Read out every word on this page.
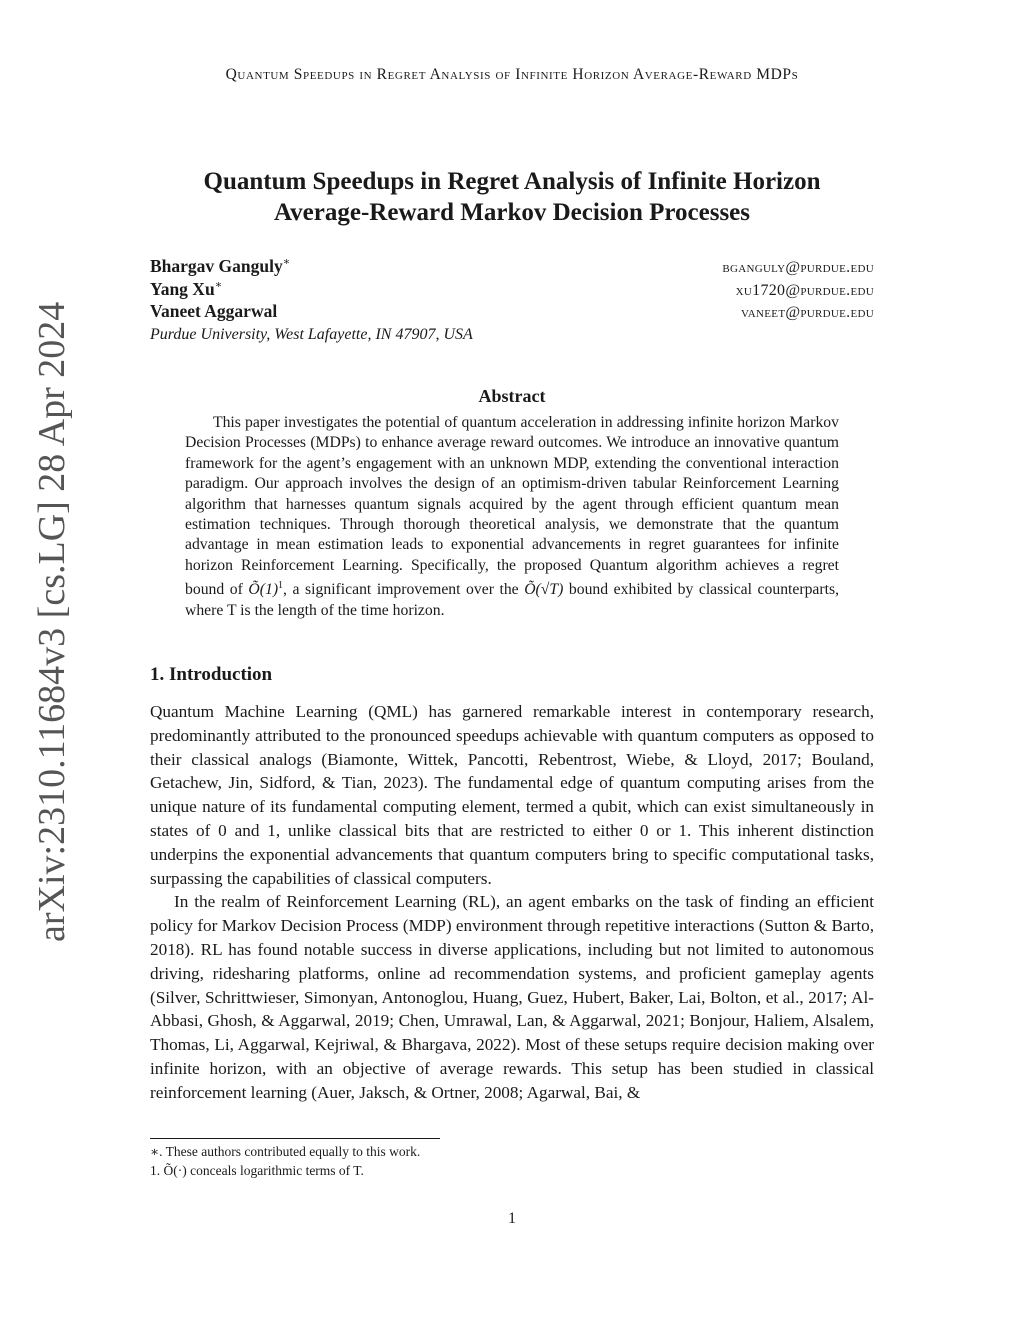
Quantum Speedups in Regret Analysis of Infinite Horizon Average-Reward MDPs
arXiv:2310.11684v3 [cs.LG] 28 Apr 2024
Quantum Speedups in Regret Analysis of Infinite Horizon
Average-Reward Markov Decision Processes
Bhargav Ganguly∗	bganguly@purdue.edu
Yang Xu∗	xu1720@purdue.edu
Vaneet Aggarwal	vaneet@purdue.edu
Purdue University, West Lafayette, IN 47907, USA
Abstract

This paper investigates the potential of quantum acceleration in addressing infinite horizon Markov Decision Processes (MDPs) to enhance average reward outcomes. We introduce an innovative quantum framework for the agent’s engagement with an unknown MDP, extending the conventional interaction paradigm. Our approach involves the design of an optimism-driven tabular Reinforcement Learning algorithm that harnesses quantum signals acquired by the agent through efficient quantum mean estimation techniques. Through thorough theoretical analysis, we demonstrate that the quantum advantage in mean estimation leads to exponential advancements in regret guarantees for infinite horizon Reinforcement Learning. Specifically, the proposed Quantum algorithm achieves a regret bound of $Õ(1)^1$, a significant improvement over the Õ(√T) bound exhibited by classical counterparts, where T is the length of the time horizon.

1. Introduction

Quantum Machine Learning (QML) has garnered remarkable interest in contemporary research, predominantly attributed to the pronounced speedups achievable with quantum computers as opposed to their classical analogs (Biamonte, Wittek, Pancotti, Rebentrost, Wiebe, & Lloyd, 2017; Bouland, Getachew, Jin, Sidford, & Tian, 2023). The fundamental edge of quantum computing arises from the unique nature of its fundamental computing element, termed a qubit, which can exist simultaneously in states of 0 and 1, unlike classical bits that are restricted to either 0 or 1. This inherent distinction underpins the exponential advancements that quantum computers bring to specific computational tasks, surpassing the capabilities of classical computers.

In the realm of Reinforcement Learning (RL), an agent embarks on the task of finding an efficient policy for Markov Decision Process (MDP) environment through repetitive interactions (Sutton & Barto, 2018). RL has found notable success in diverse applications, including but not limited to autonomous driving, ridesharing platforms, online ad recommendation systems, and proficient gameplay agents (Silver, Schrittwieser, Simonyan, Antonoglou, Huang, Guez, Hubert, Baker, Lai, Bolton, et al., 2017; Al-Abbasi, Ghosh, & Aggarwal, 2019; Chen, Umrawal, Lan, & Aggarwal, 2021; Bonjour, Haliem, Alsalem, Thomas, Li, Aggarwal, Kejriwal, & Bhargava, 2022). Most of these setups require decision making over infinite horizon, with an objective of average rewards. This setup has been studied in classical reinforcement learning (Auer, Jaksch, & Ortner, 2008; Agarwal, Bai, &

∗. These authors contributed equally to this work.
1. Õ(·) conceals logarithmic terms of T.
1
